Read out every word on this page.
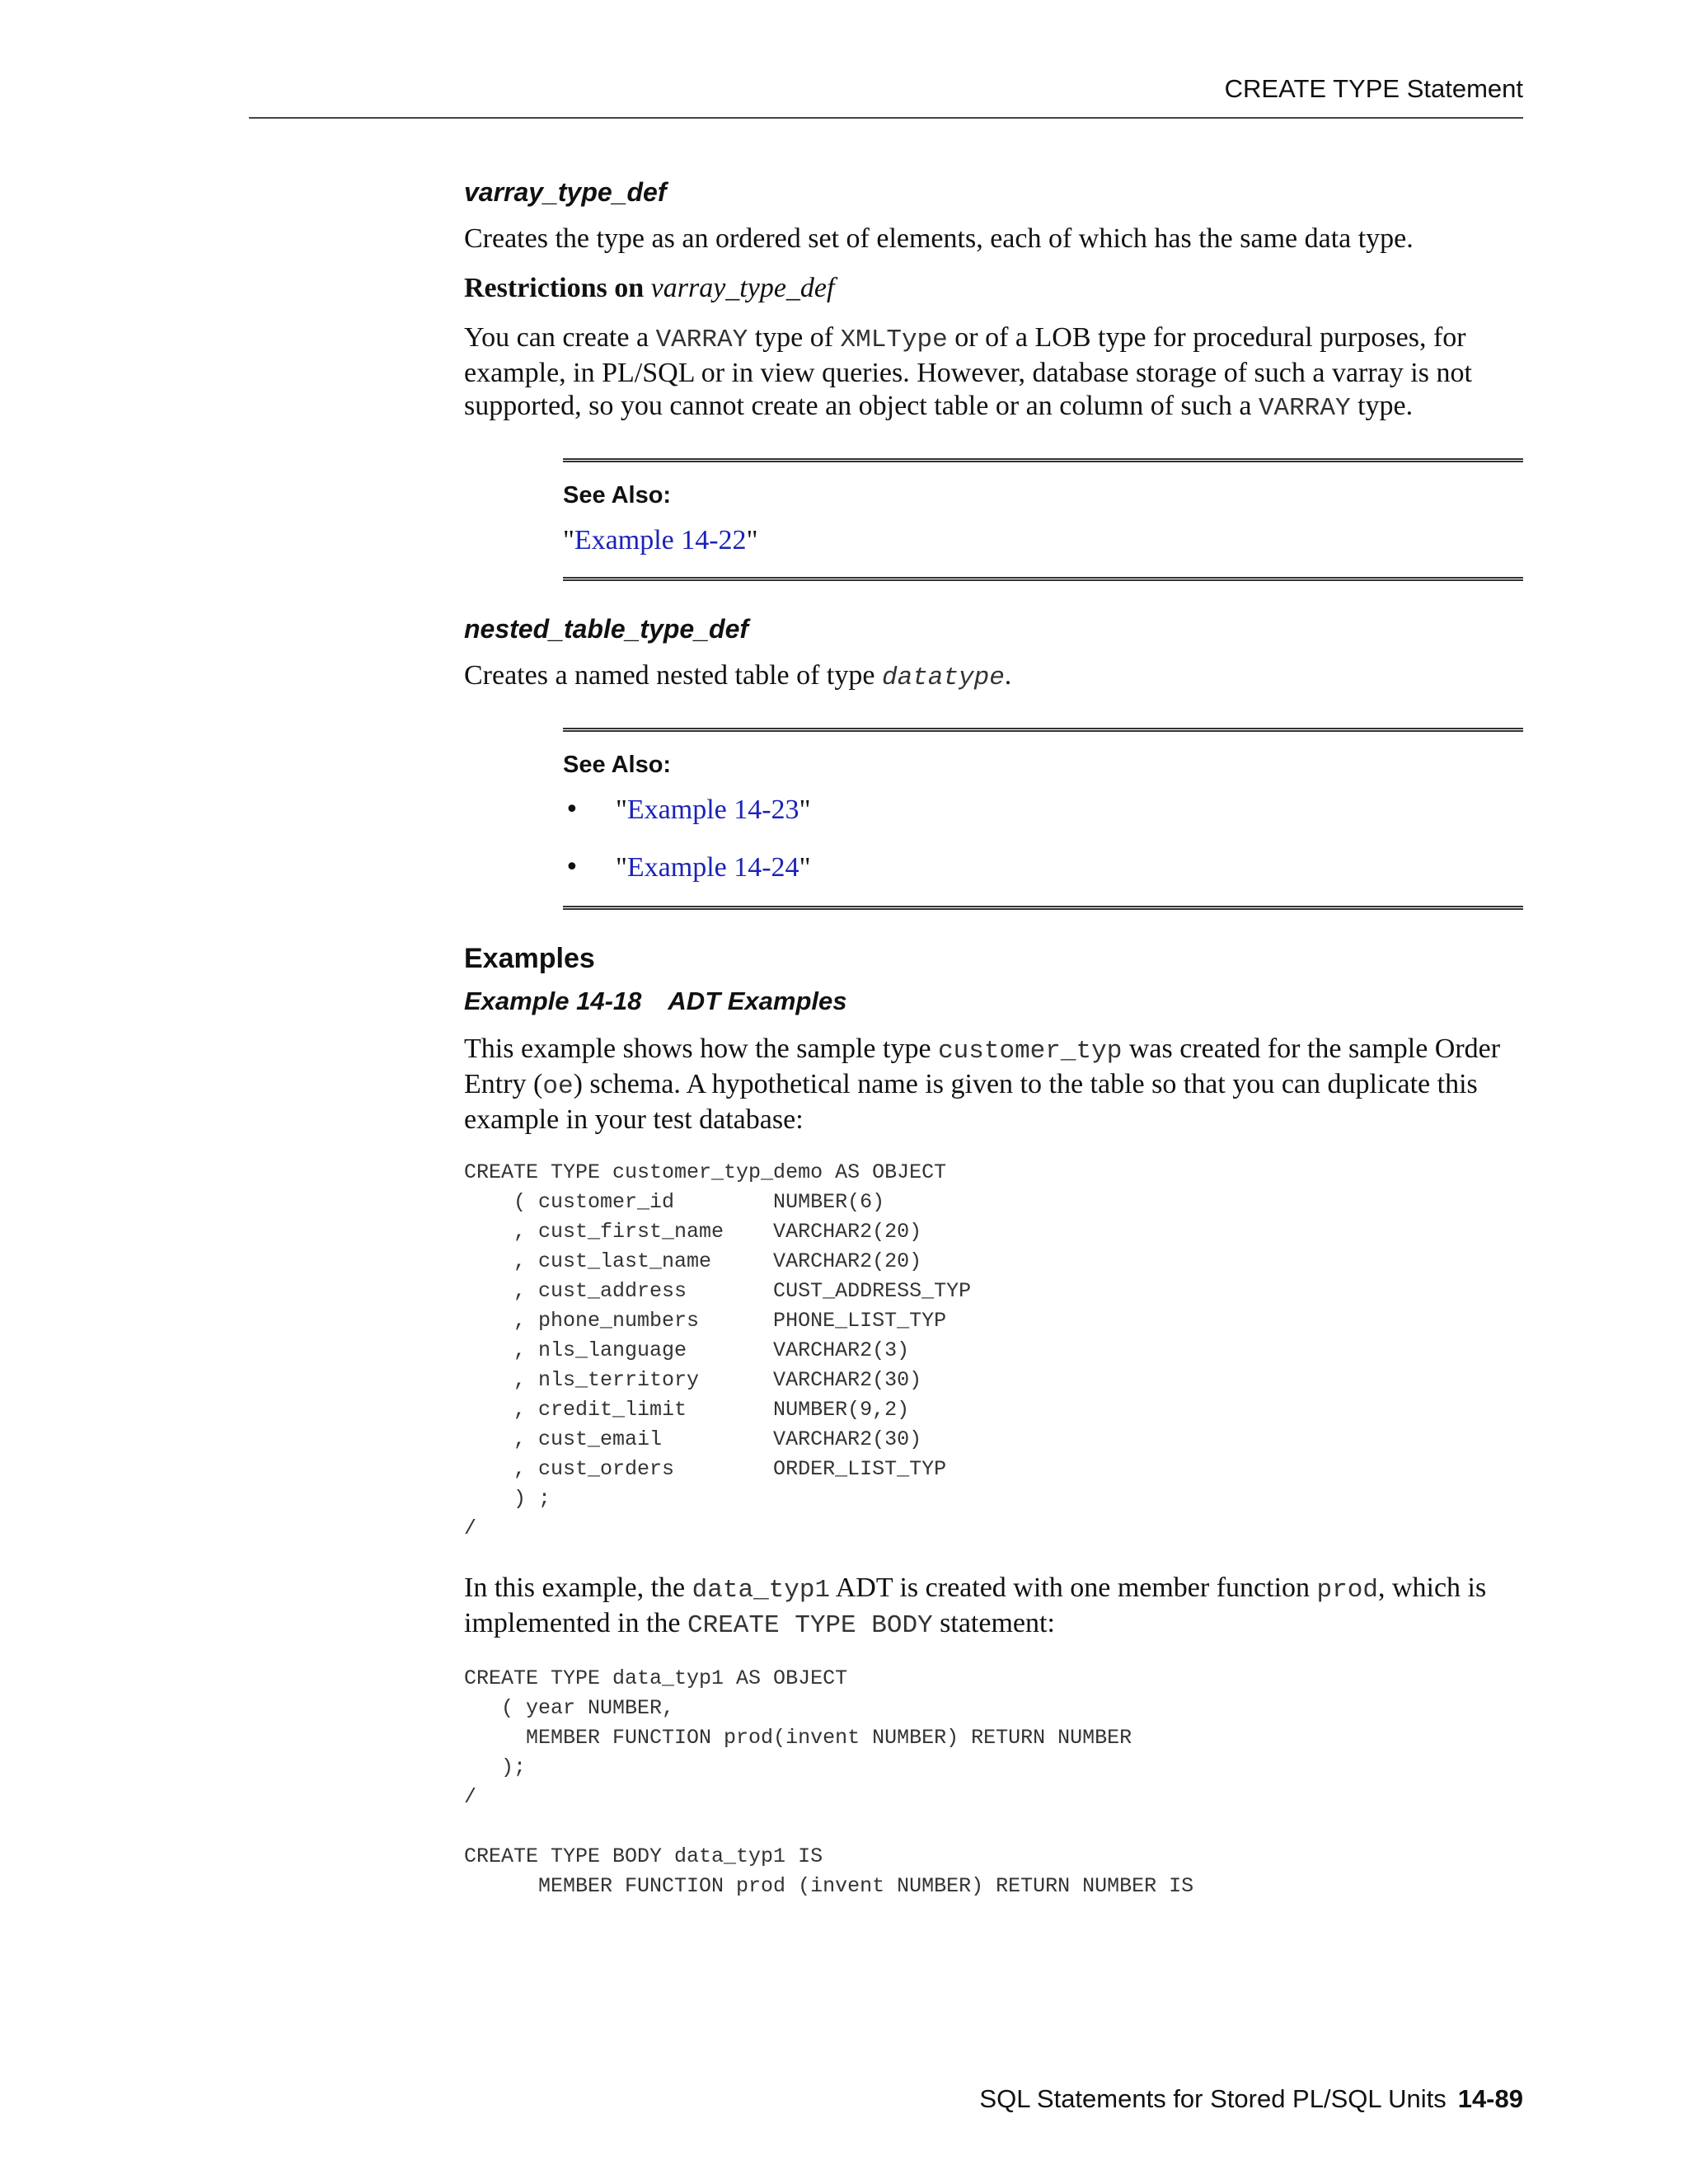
CREATE TYPE Statement
varray_type_def

Creates the type as an ordered set of elements, each of which has the same data type.

Restrictions on varray_type_def

You can create a VARRAY type of XMLType or of a LOB type for procedural purposes, for example, in PL/SQL or in view queries. However, database storage of such a varray is not supported, so you cannot create an object table or an column of such a VARRAY type.

See Also:
"Example 14-22"
nested_table_type_def

Creates a named nested table of type datatype.

See Also:
• "Example 14-23"
• "Example 14-24"
Examples
Example 14-18 ADT Examples

This example shows how the sample type customer_typ was created for the sample Order Entry (oe) schema. A hypothetical name is given to the table so that you can duplicate this example in your test database:

CREATE TYPE customer_typ_demo AS OBJECT
( customer_id        NUMBER(6)
, cust_first_name    VARCHAR2(20)
, cust_last_name     VARCHAR2(20)
, cust_address       CUST_ADDRESS_TYP
, phone_numbers      PHONE_LIST_TYP
, nls_language       VARCHAR2(3)
, nls_territory      VARCHAR2(30)
, credit_limit       NUMBER(9,2)
, cust_email         VARCHAR2(30)
, cust_orders        ORDER_LIST_TYP
) ;
/

In this example, the data_typ1 ADT is created with one member function prod, which is implemented in the CREATE TYPE BODY statement:

CREATE TYPE data_typ1 AS OBJECT
( year NUMBER,
MEMBER FUNCTION prod(invent NUMBER) RETURN NUMBER
);
/

CREATE TYPE BODY data_typ1 IS
MEMBER FUNCTION prod (invent NUMBER) RETURN NUMBER IS
SQL Statements for Stored PL/SQL Units 14-89
